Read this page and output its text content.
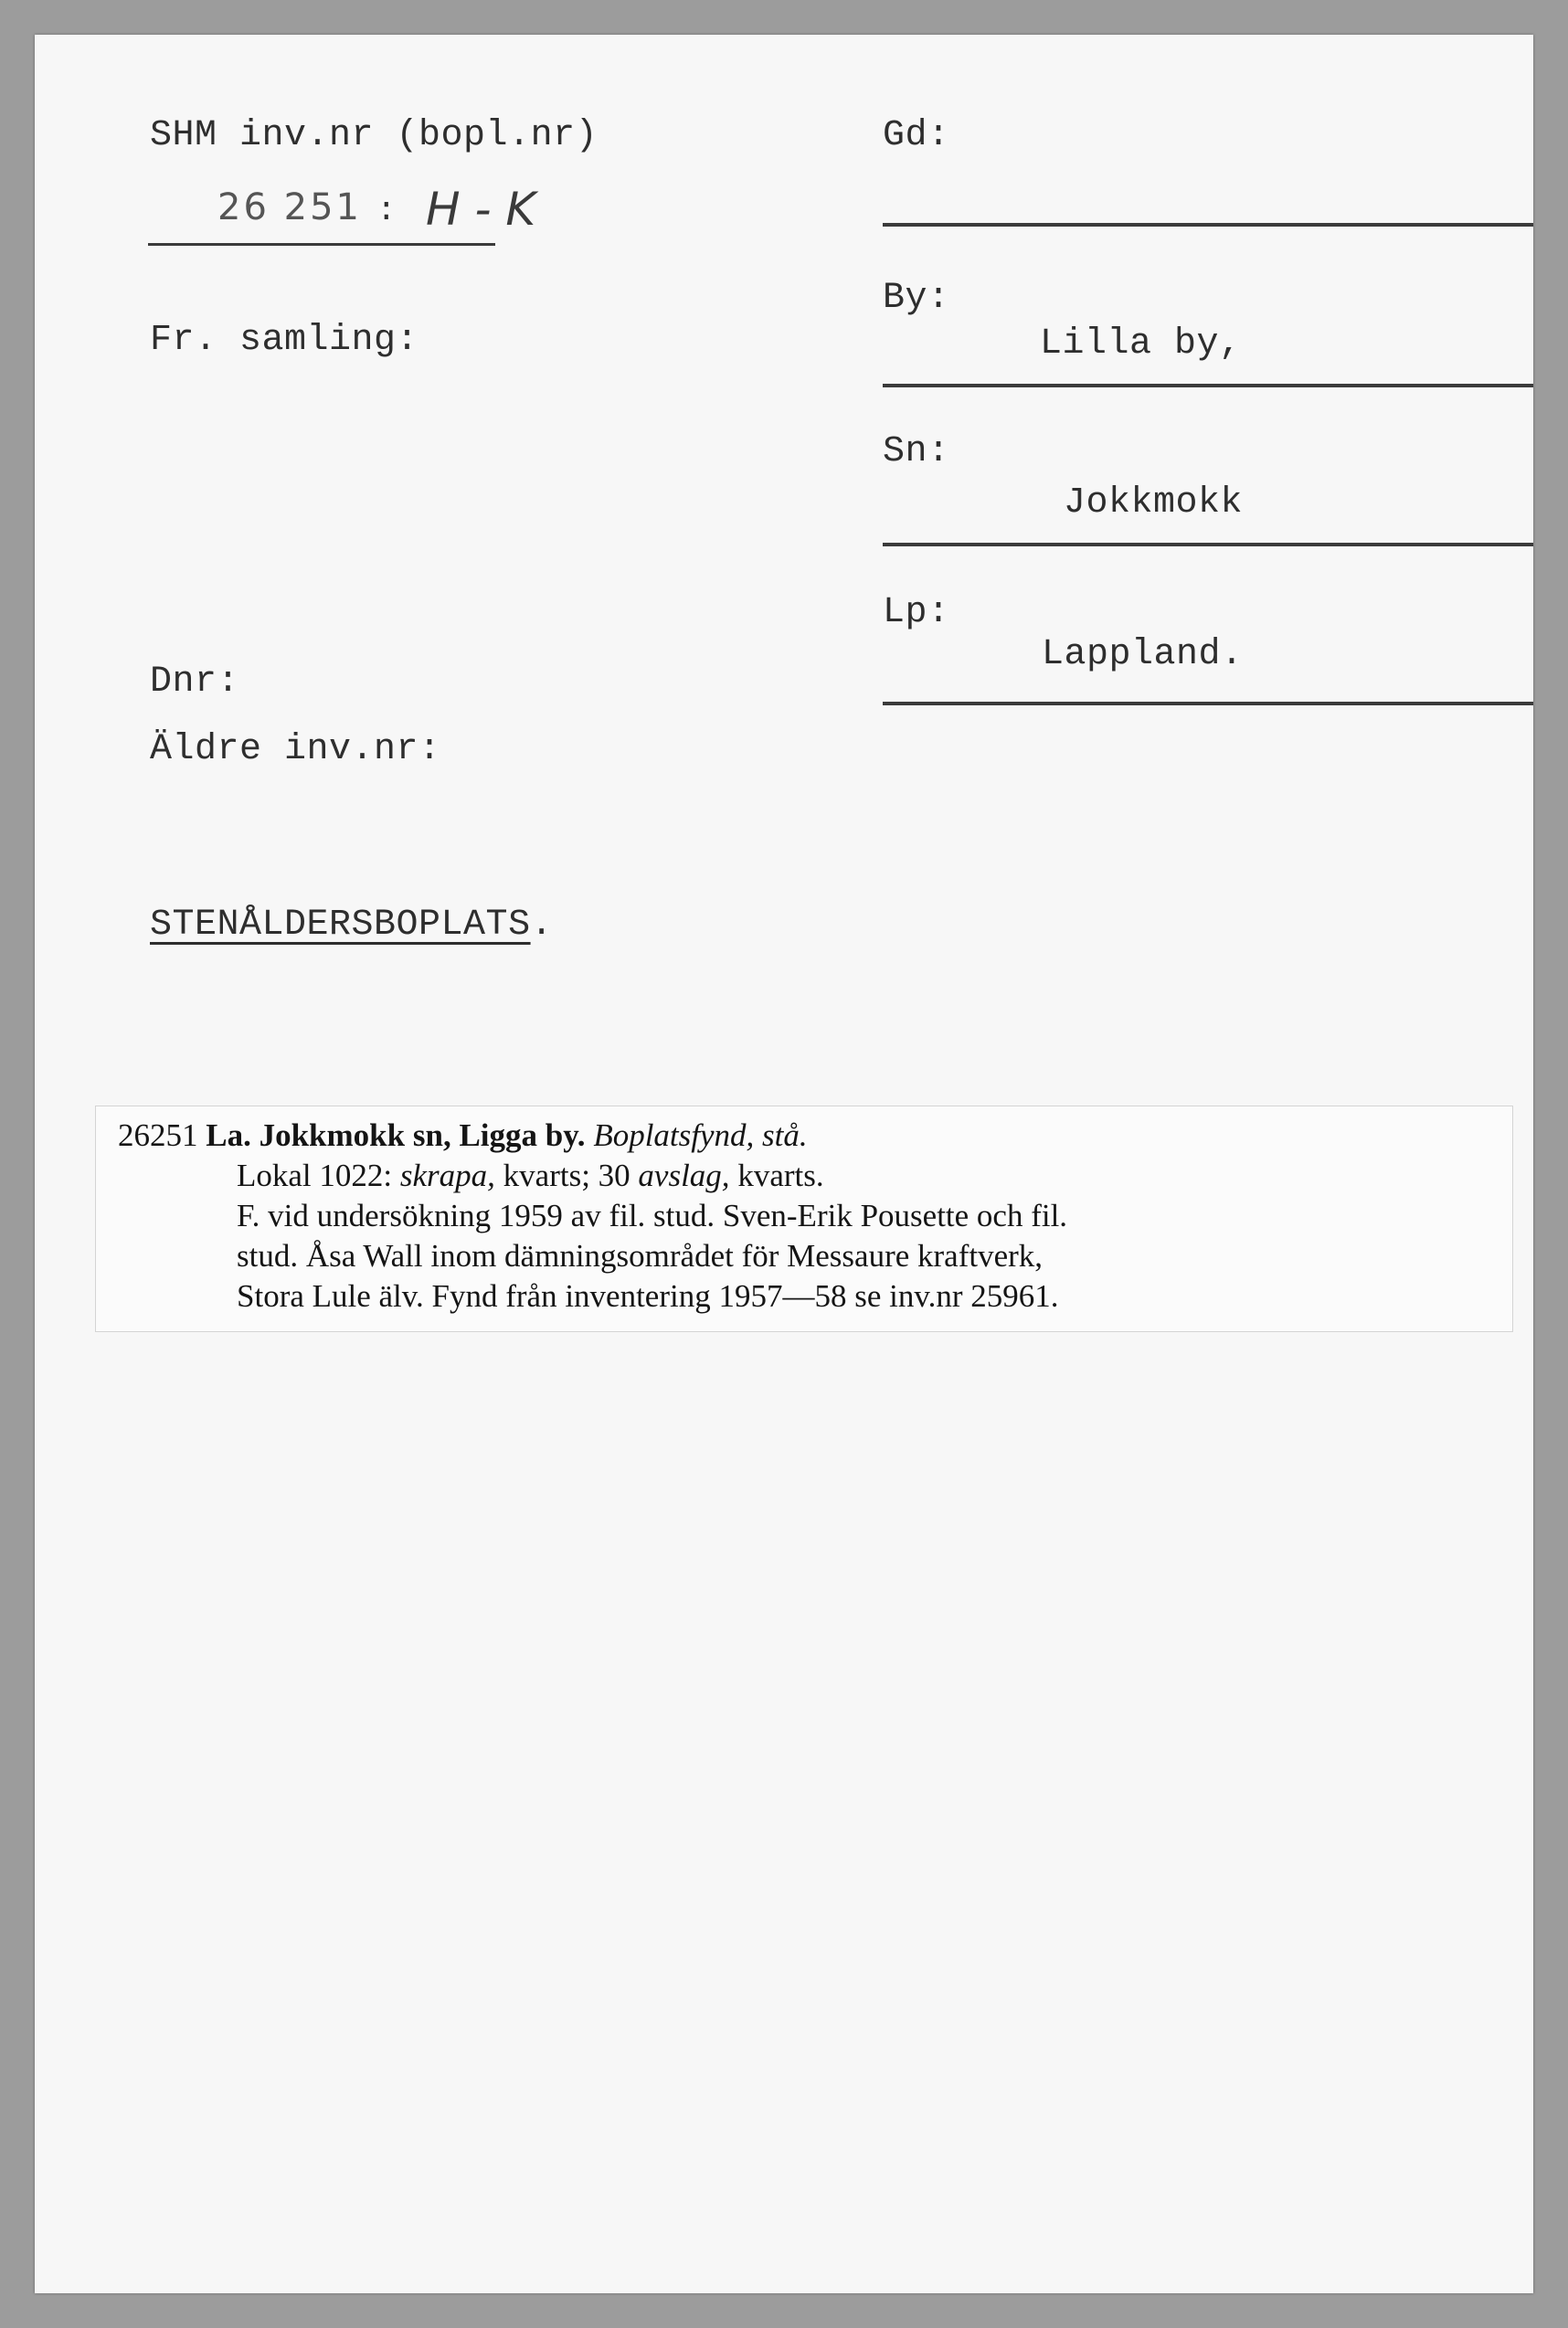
SHM inv.nr (bopl.nr)
26 251 : H - K
Fr. samling:
Dnr:
Äldre inv.nr:
STENÅLDERSBOPLATS.
Gd:
By:
Lilla by,
Sn:
Jokkmokk
Lp:
Lappland.
26251 La. Jokkmokk sn, Ligga by. Boplatsfynd, stå.
Lokal 1022: skrapa, kvarts; 30 avslag, kvarts.
F. vid undersökning 1959 av fil. stud. Sven-Erik Pousette och fil.
stud. Åsa Wall inom dämningsområdet för Messaure kraftverk,
Stora Lule älv. Fynd från inventering 1957—58 se inv.nr 25961.
